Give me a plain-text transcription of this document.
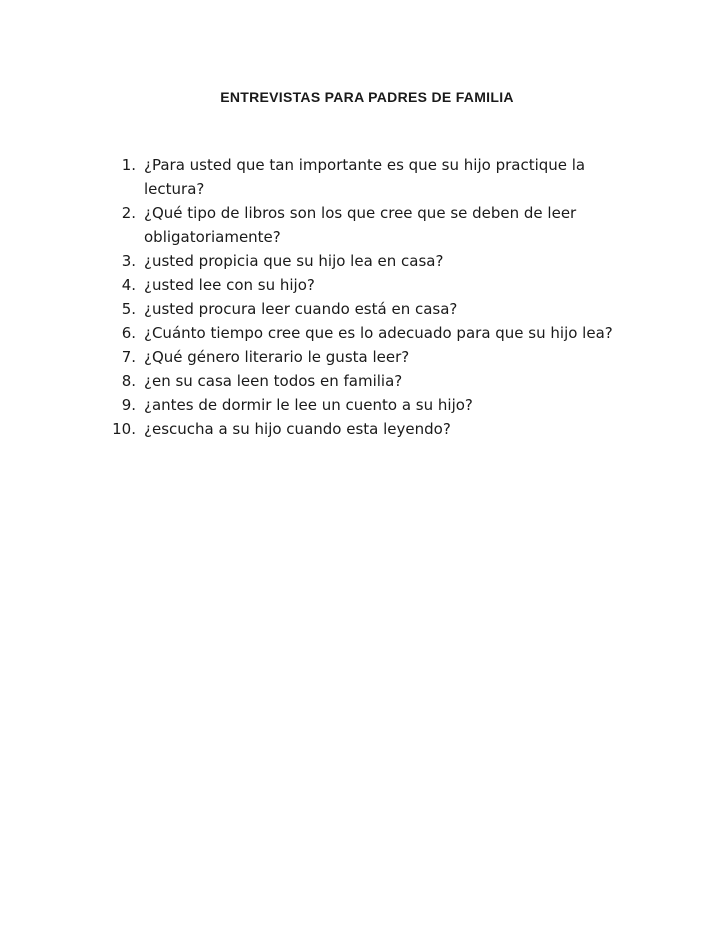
ENTREVISTAS PARA PADRES DE FAMILIA
1. ¿Para usted que tan importante es que su hijo practique la lectura?
2. ¿Qué tipo de libros son los que cree que se deben de leer obligatoriamente?
3. ¿usted propicia que su hijo lea en casa?
4. ¿usted lee con su hijo?
5. ¿usted procura leer cuando está en casa?
6. ¿Cuánto tiempo cree que es lo adecuado para que su hijo lea?
7. ¿Qué género literario le gusta leer?
8. ¿en su casa leen todos en familia?
9. ¿antes de dormir le lee un cuento a su hijo?
10. ¿escucha a su hijo cuando esta leyendo?
